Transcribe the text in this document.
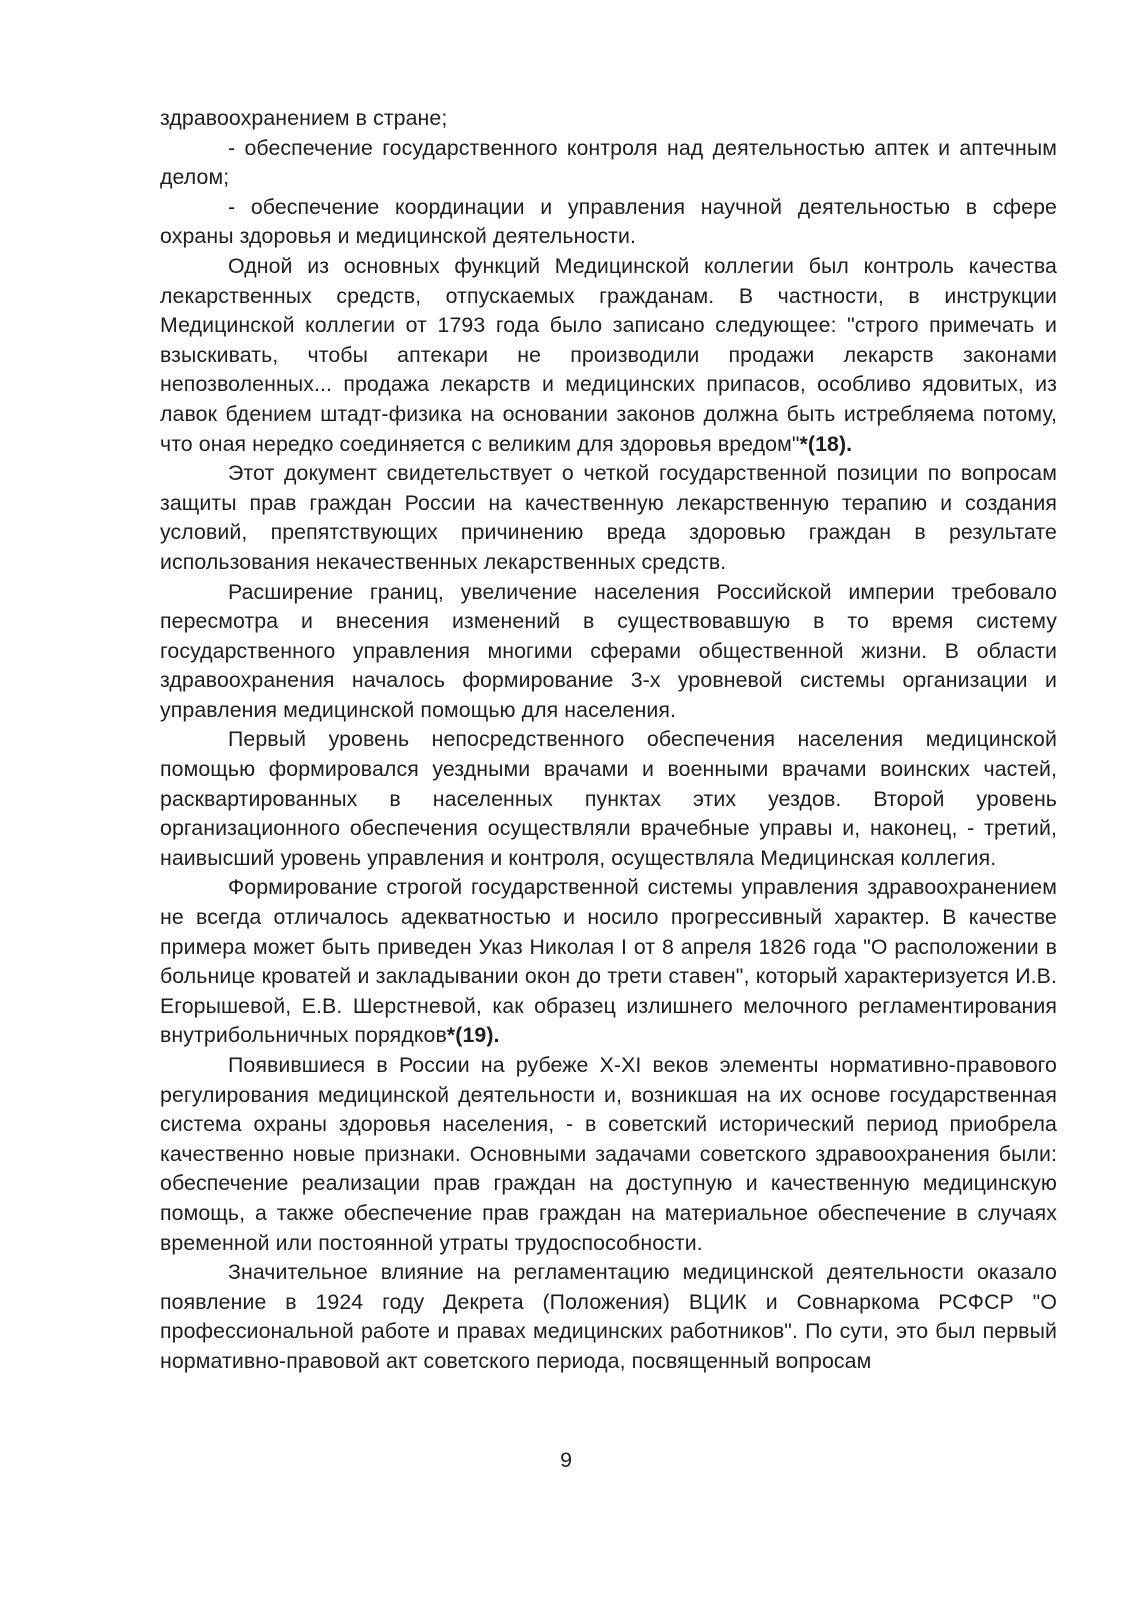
здравоохранением в стране;

- обеспечение государственного контроля над деятельностью аптек и аптечным делом;

- обеспечение координации и управления научной деятельностью в сфере охраны здоровья и медицинской деятельности.

Одной из основных функций Медицинской коллегии был контроль качества лекарственных средств, отпускаемых гражданам. В частности, в инструкции Медицинской коллегии от 1793 года было записано следующее: "строго примечать и взыскивать, чтобы аптекари не производили продажи лекарств законами непозволенных... продажа лекарств и медицинских припасов, особливо ядовитых, из лавок бдением штадт-физика на основании законов должна быть истребляема потому, что оная нередко соединяется с великим для здоровья вредом"*(18).

Этот документ свидетельствует о четкой государственной позиции по вопросам защиты прав граждан России на качественную лекарственную терапию и создания условий, препятствующих причинению вреда здоровью граждан в результате использования некачественных лекарственных средств.

Расширение границ, увеличение населения Российской империи требовало пересмотра и внесения изменений в существовавшую в то время систему государственного управления многими сферами общественной жизни. В области здравоохранения началось формирование 3-х уровневой системы организации и управления медицинской помощью для населения.

Первый уровень непосредственного обеспечения населения медицинской помощью формировался уездными врачами и военными врачами воинских частей, расквартированных в населенных пунктах этих уездов. Второй уровень организационного обеспечения осуществляли врачебные управы и, наконец, - третий, наивысший уровень управления и контроля, осуществляла Медицинская коллегия.

Формирование строгой государственной системы управления здравоохранением не всегда отличалось адекватностью и носило прогрессивный характер. В качестве примера может быть приведен Указ Николая I от 8 апреля 1826 года "О расположении в больнице кроватей и закладывании окон до трети ставен", который характеризуется И.В. Егорышевой, Е.В. Шерстневой, как образец излишнего мелочного регламентирования внутрибольничных порядков*(19).

Появившиеся в России на рубеже X-XI веков элементы нормативно-правового регулирования медицинской деятельности и, возникшая на их основе государственная система охраны здоровья населения, - в советский исторический период приобрела качественно новые признаки. Основными задачами советского здравоохранения были: обеспечение реализации прав граждан на доступную и качественную медицинскую помощь, а также обеспечение прав граждан на материальное обеспечение в случаях временной или постоянной утраты трудоспособности.

Значительное влияние на регламентацию медицинской деятельности оказало появление в 1924 году Декрета (Положения) ВЦИК и Совнаркома РСФСР "О профессиональной работе и правах медицинских работников". По сути, это был первый нормативно-правовой акт советского периода, посвященный вопросам

9
